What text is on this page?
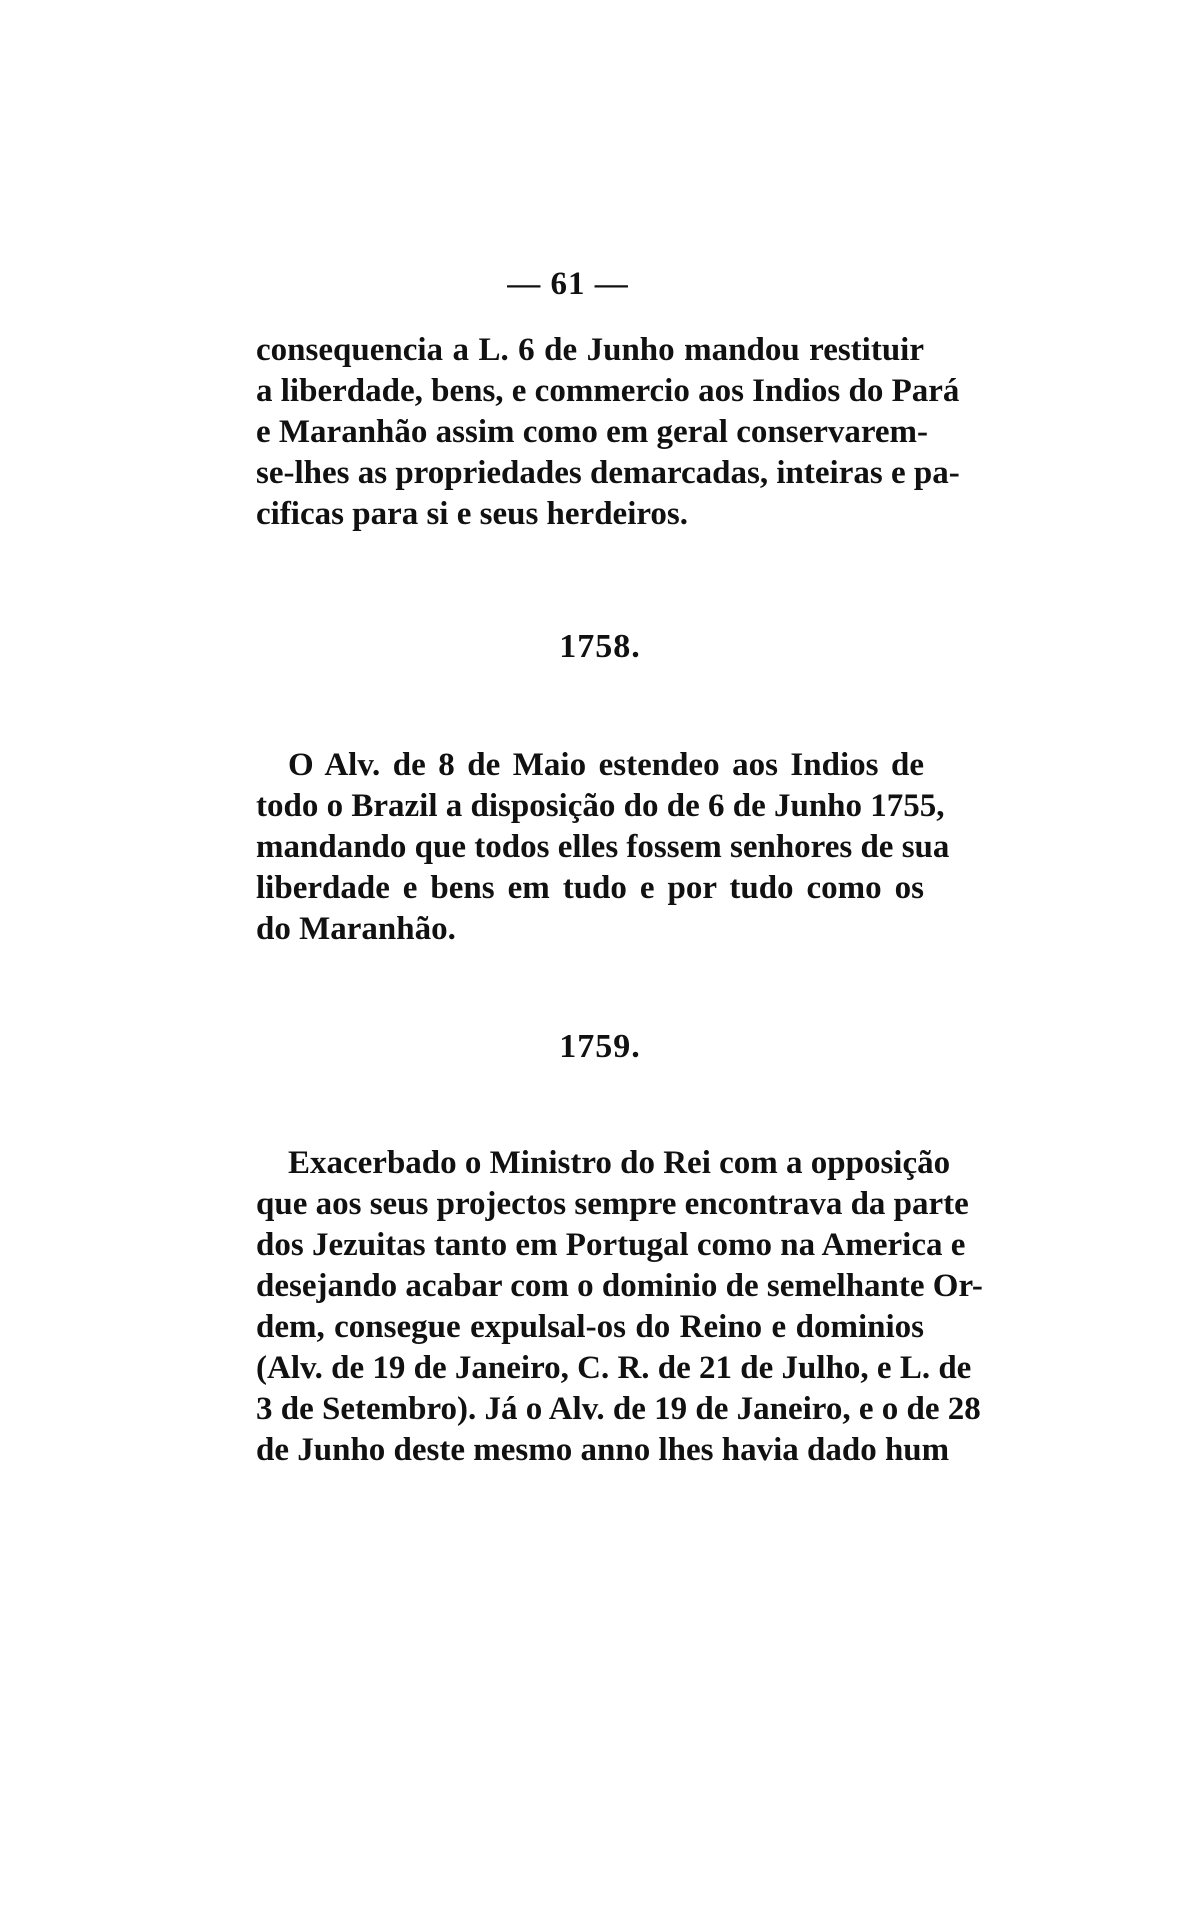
— 61 —
consequencia a L. 6 de Junho mandou restituir
a liberdade, bens, e commercio aos Indios do Pará
e Maranhão assim como em geral conservarem-
se-lhes as propriedades demarcadas, inteiras e pa-
cificas para si e seus herdeiros.
1758.
O Alv. de 8 de Maio estendeo aos Indios de
todo o Brazil a disposição do de 6 de Junho 1755,
mandando que todos elles fossem senhores de sua
liberdade e bens em tudo e por tudo como os
do Maranhão.
1759.
Exacerbado o Ministro do Rei com a opposição
que aos seus projectos sempre encontrava da parte
dos Jezuitas tanto em Portugal como na America e
desejando acabar com o dominio de semelhante Or-
dem, consegue expulsal-os do Reino e dominios
(Alv. de 19 de Janeiro, C. R. de 21 de Julho, e L. de
3 de Setembro). Já o Alv. de 19 de Janeiro, e o de 28
de Junho deste mesmo anno lhes havia dado hum
